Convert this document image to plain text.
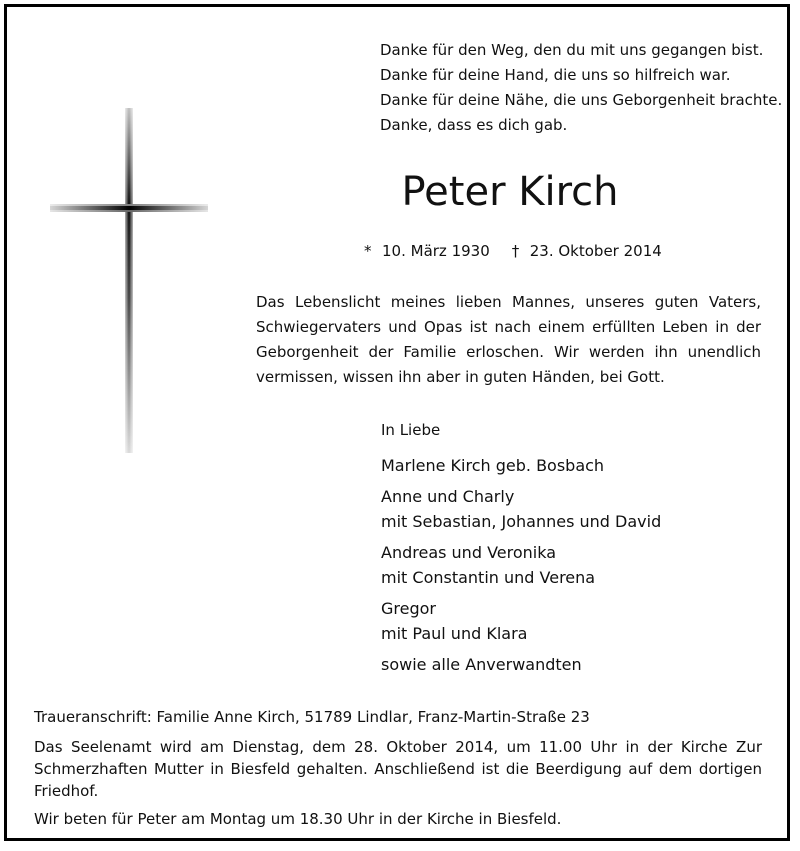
Danke für den Weg, den du mit uns gegangen bist.
Danke für deine Hand, die uns so hilfreich war.
Danke für deine Nähe, die uns Geborgenheit brachte.
Danke, dass es dich gab.
Peter Kirch
* 10. März 1930 † 23. Oktober 2014
Das Lebenslicht meines lieben Mannes, unseres guten Vaters, Schwiegervaters und Opas ist nach einem erfüllten Leben in der Geborgenheit der Familie erloschen. Wir werden ihn unendlich vermissen, wissen ihn aber in guten Händen, bei Gott.
In Liebe
Marlene Kirch geb. Bosbach
Anne und Charly
mit Sebastian, Johannes und David
Andreas und Veronika
mit Constantin und Verena
Gregor
mit Paul und Klara
sowie alle Anverwandten
Traueranschrift: Familie Anne Kirch, 51789 Lindlar, Franz-Martin-Straße 23
Das Seelenamt wird am Dienstag, dem 28. Oktober 2014, um 11.00 Uhr in der Kirche Zur Schmerzhaften Mutter in Biesfeld gehalten. Anschließend ist die Beerdigung auf dem dortigen Friedhof.
Wir beten für Peter am Montag um 18.30 Uhr in der Kirche in Biesfeld.
